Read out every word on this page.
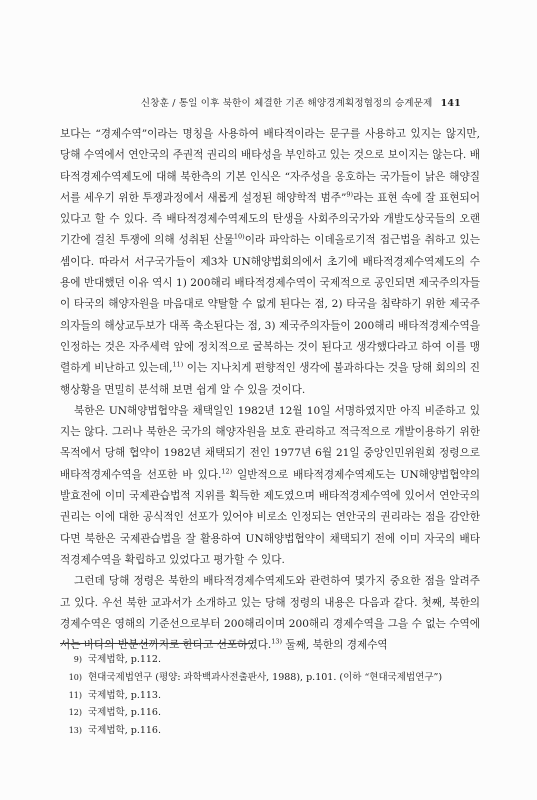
신창훈 / 통일 이후 북한이 체결한 기존 해양경계획정협정의 승계문제 141

보다는 “경제수역”이라는 명칭을 사용하여 배타적이라는 문구를 사용하고 있지는 않지만, 당해 수역에서 연안국의 주권적 권리의 배타성을 부인하고 있는 것으로 보이지는 않는다. 배타적경제수역제도에 대해 북한측의 기본 인식은 “자주성을 옹호하는 국가들이 낡은 해양질서를 세우기 위한 투쟁과정에서 새롭게 설정된 해양학적 범주”$^{9)}$라는 표현 속에 잘 표현되어 있다고 할 수 있다. 즉 배타적경제수역제도의 탄생을 사회주의국가와 개발도상국들의 오랜기간에 걸친 투쟁에 의해 성취된 산물$^{10)}$이라 파악하는 이데올로기적 접근법을 취하고 있는 셈이다. 따라서 서구국가들이 제3차 UN해양법회의에서 초기에 배타적경제수역제도의 수용에 반대했던 이유 역시 1) 200해리 배타적경제수역이 국제적으로 공인되면 제국주의자들이 타국의 해양자원을 마음대로 약탈할 수 없게 된다는 점, 2) 타국을 침략하기 위한 제국주의자들의 해상교두보가 대폭 축소된다는 점, 3) 제국주의자들이 200해리 배타적경제수역을 인정하는 것은 자주세력 앞에 정치적으로 굴복하는 것이 된다고 생각했다라고 하여 이를 맹렬하게 비난하고 있는데,$^{11)}$ 이는 지나치게 편향적인 생각에 불과하다는 것을 당해 회의의 진행상황을 면밀히 분석해 보면 쉽게 알 수 있을 것이다.

북한은 UN해양법협약을 채택일인 1982년 12월 10일 서명하였지만 아직 비준하고 있지는 않다. 그러나 북한은 국가의 해양자원을 보호 관리하고 적극적으로 개발이용하기 위한 목적에서 당해 협약이 1982년 채택되기 전인 1977년 6월 21일 중앙인민위원회 정령으로 배타적경제수역을 선포한 바 있다.$^{12)}$ 일반적으로 배타적경제수역제도는 UN해양법협약의 발효전에 이미 국제관습법적 지위를 획득한 제도였으며 배타적경제수역에 있어서 연안국의 권리는 이에 대한 공식적인 선포가 있어야 비로소 인정되는 연안국의 권리라는 점을 감안한다면 북한은 국제관습법을 잘 활용하여 UN해양법협약이 채택되기 전에 이미 자국의 배타적경제수역을 확립하고 있었다고 평가할 수 있다.

그런데 당해 정령은 북한의 배타적경제수역제도와 관련하여 몇가지 중요한 점을 알려주고 있다. 우선 북한 교과서가 소개하고 있는 당해 정령의 내용은 다음과 같다. 첫째, 북한의 경제수역은 영해의 기준선으로부터 200해리이며 200해리 경제수역을 그을 수 없는 수역에서는 바다의 반분선까지로 한다고 선포하였다.$^{13)}$ 둘째, 북한의 경제수역

9) 국제법학, p.112.
10) 현대국제법연구 (평양: 과학백과사전출판사, 1988), p.101. (이하 “현대국제법연구”)
11) 국제법학, p.113.
12) 국제법학, p.116.
13) 국제법학, p.116.
